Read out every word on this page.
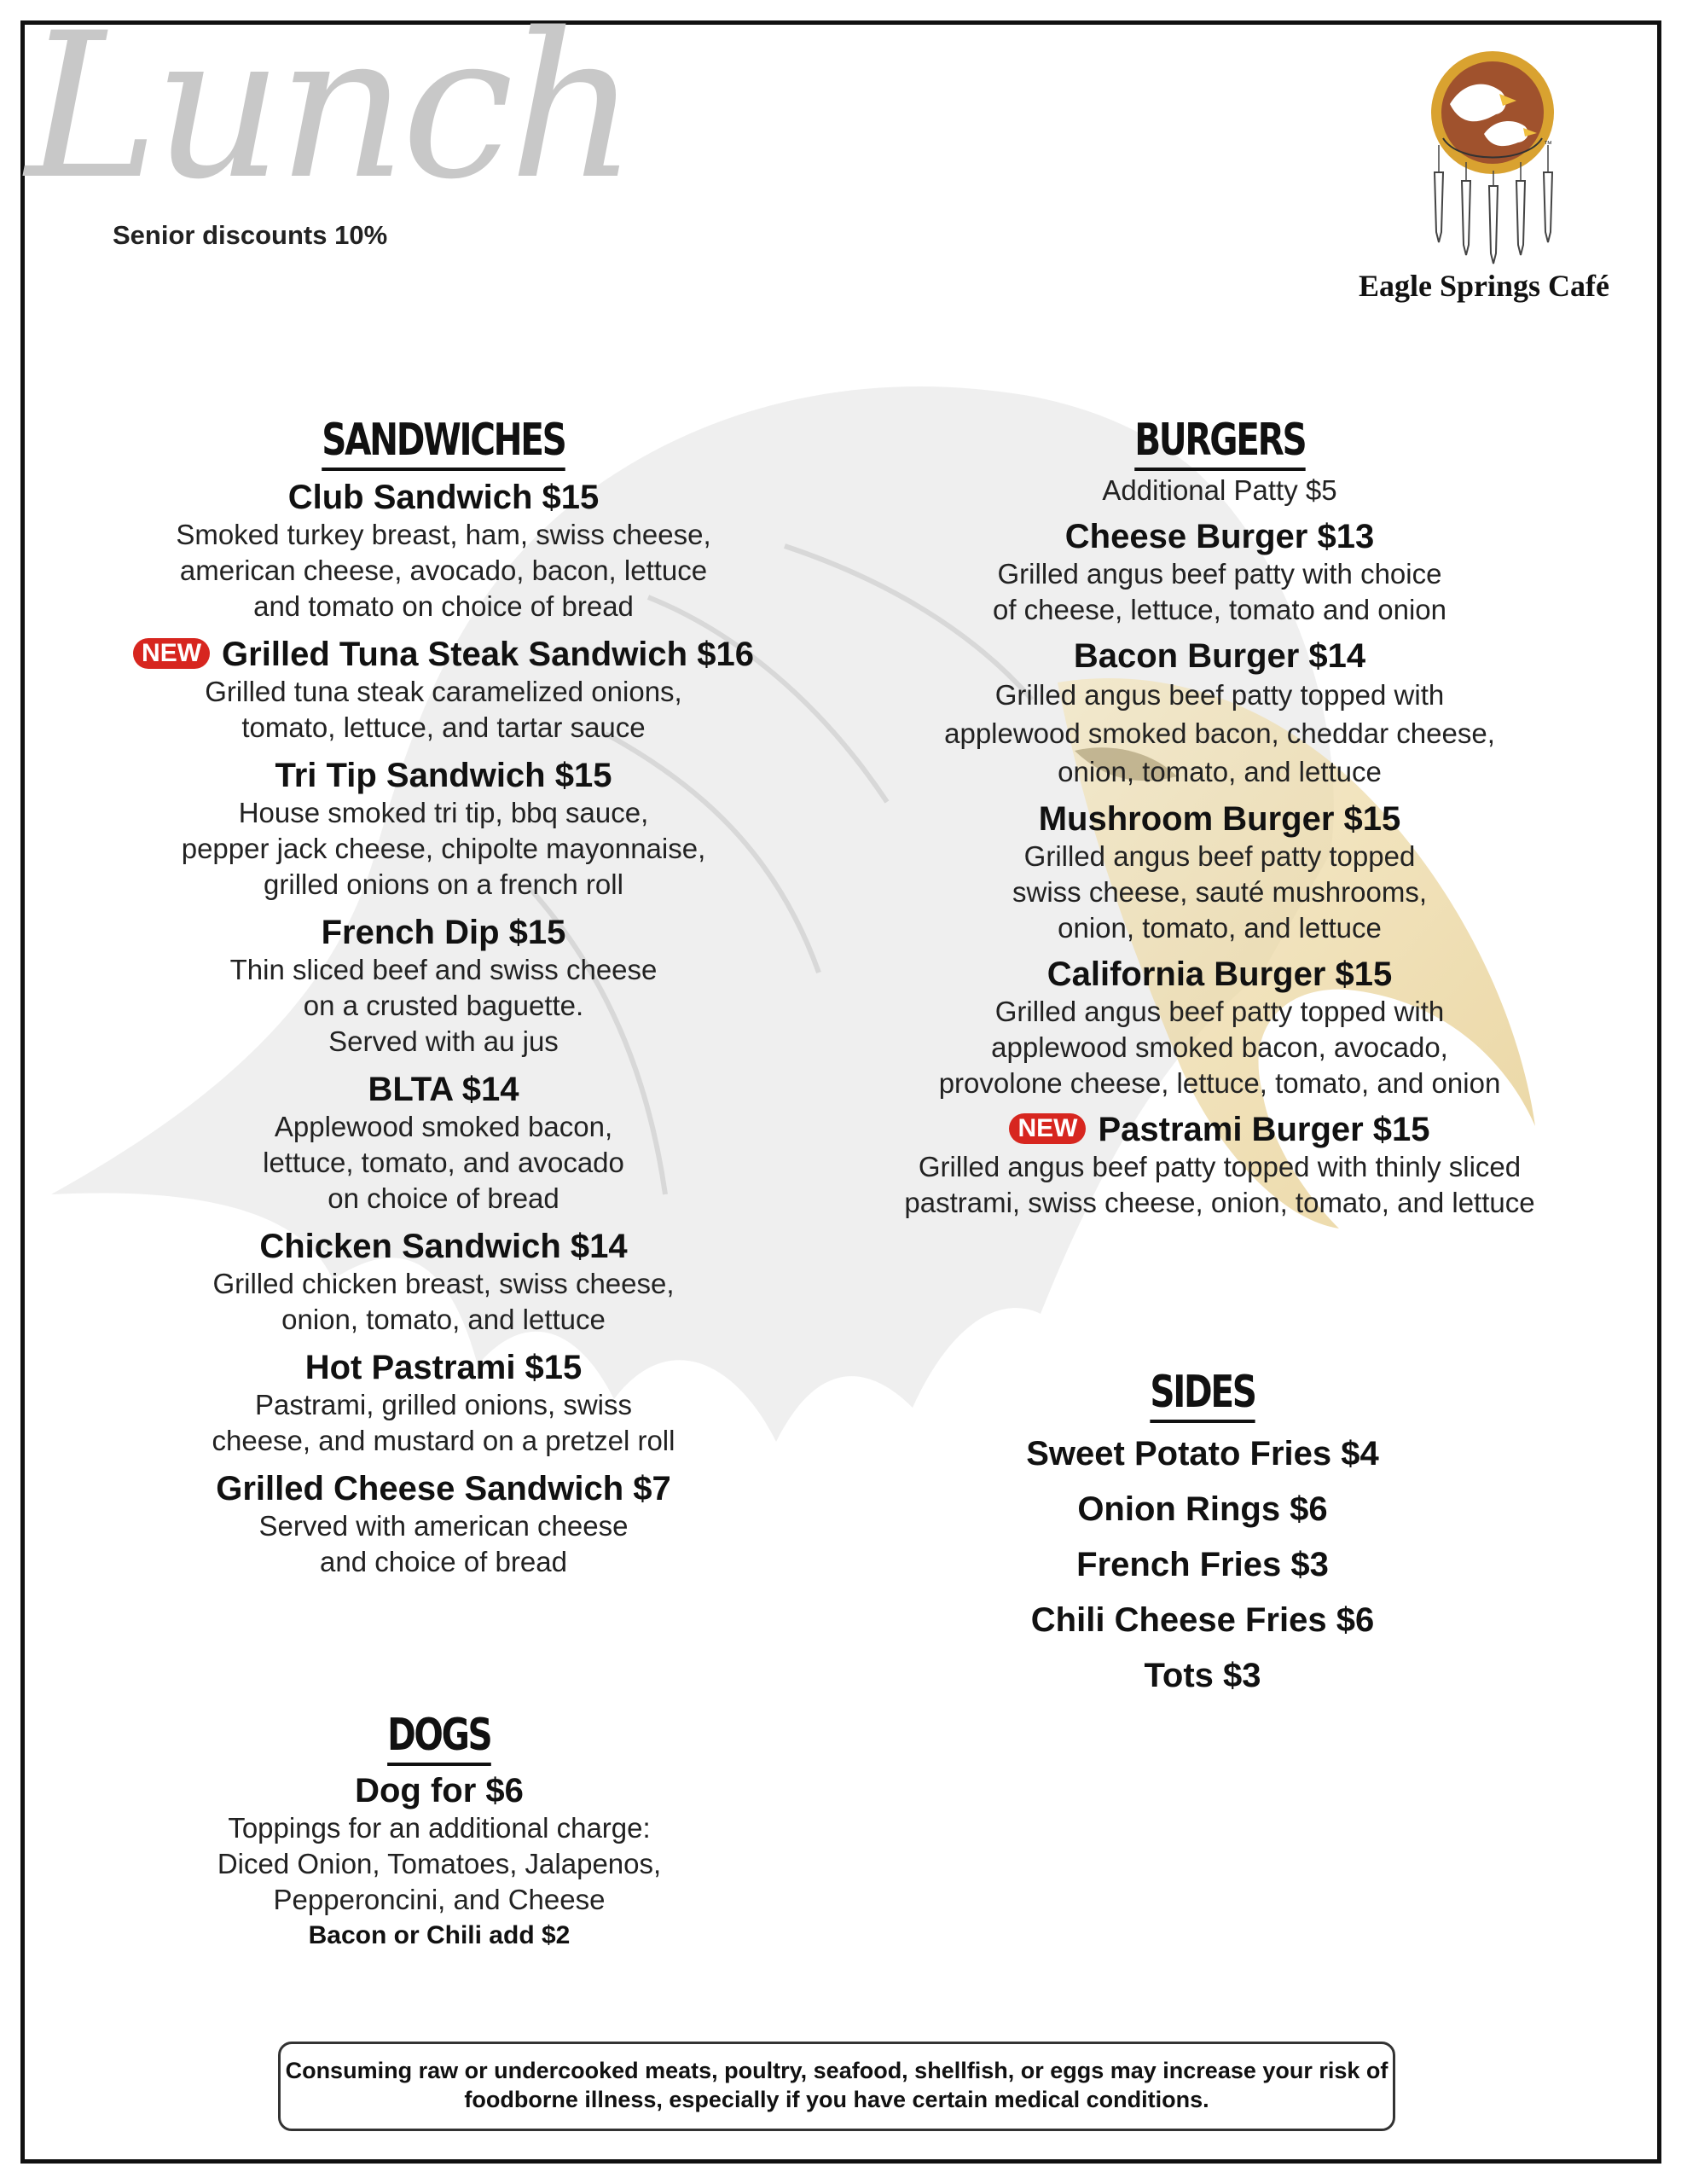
Lunch
Senior discounts 10%
™
Eagle Springs Café
SANDWICHES
Club Sandwich $15
Smoked turkey breast, ham, swiss cheese,
american cheese, avocado, bacon, lettuce
and tomato on choice of bread
NEW Grilled Tuna Steak Sandwich $16
Grilled tuna steak caramelized onions,
tomato, lettuce, and tartar sauce
Tri Tip Sandwich $15
House smoked tri tip, bbq sauce,
pepper jack cheese, chipolte mayonnaise,
grilled onions on a french roll
French Dip $15
Thin sliced beef and swiss cheese
on a crusted baguette.
Served with au jus
BLTA $14
Applewood smoked bacon,
lettuce, tomato, and avocado
on choice of bread
Chicken Sandwich $14
Grilled chicken breast, swiss cheese,
onion, tomato, and lettuce
Hot Pastrami $15
Pastrami, grilled onions, swiss
cheese, and mustard on a pretzel roll
Grilled Cheese Sandwich $7
Served with american cheese
and choice of bread
BURGERS
Additional Patty $5
Cheese Burger $13
Grilled angus beef patty with choice
of cheese, lettuce, tomato and onion
Bacon Burger $14
Grilled angus beef patty topped with
applewood smoked bacon, cheddar cheese,
onion, tomato, and lettuce
Mushroom Burger $15
Grilled angus beef patty topped
swiss cheese, sauté mushrooms,
onion, tomato, and lettuce
California Burger $15
Grilled angus beef patty topped with
applewood smoked bacon, avocado,
provolone cheese, lettuce, tomato, and onion
NEW Pastrami Burger $15
Grilled angus beef patty topped with thinly sliced
pastrami, swiss cheese, onion, tomato, and lettuce
SIDES
Sweet Potato Fries $4
Onion Rings $6
French Fries $3
Chili Cheese Fries $6
Tots $3
DOGS
Dog for $6
Toppings for an additional charge:
Diced Onion, Tomatoes, Jalapenos,
Pepperoncini, and Cheese
Bacon or Chili add $2
Consuming raw or undercooked meats, poultry, seafood, shellfish, or eggs may increase your risk of foodborne illness, especially if you have certain medical conditions.
